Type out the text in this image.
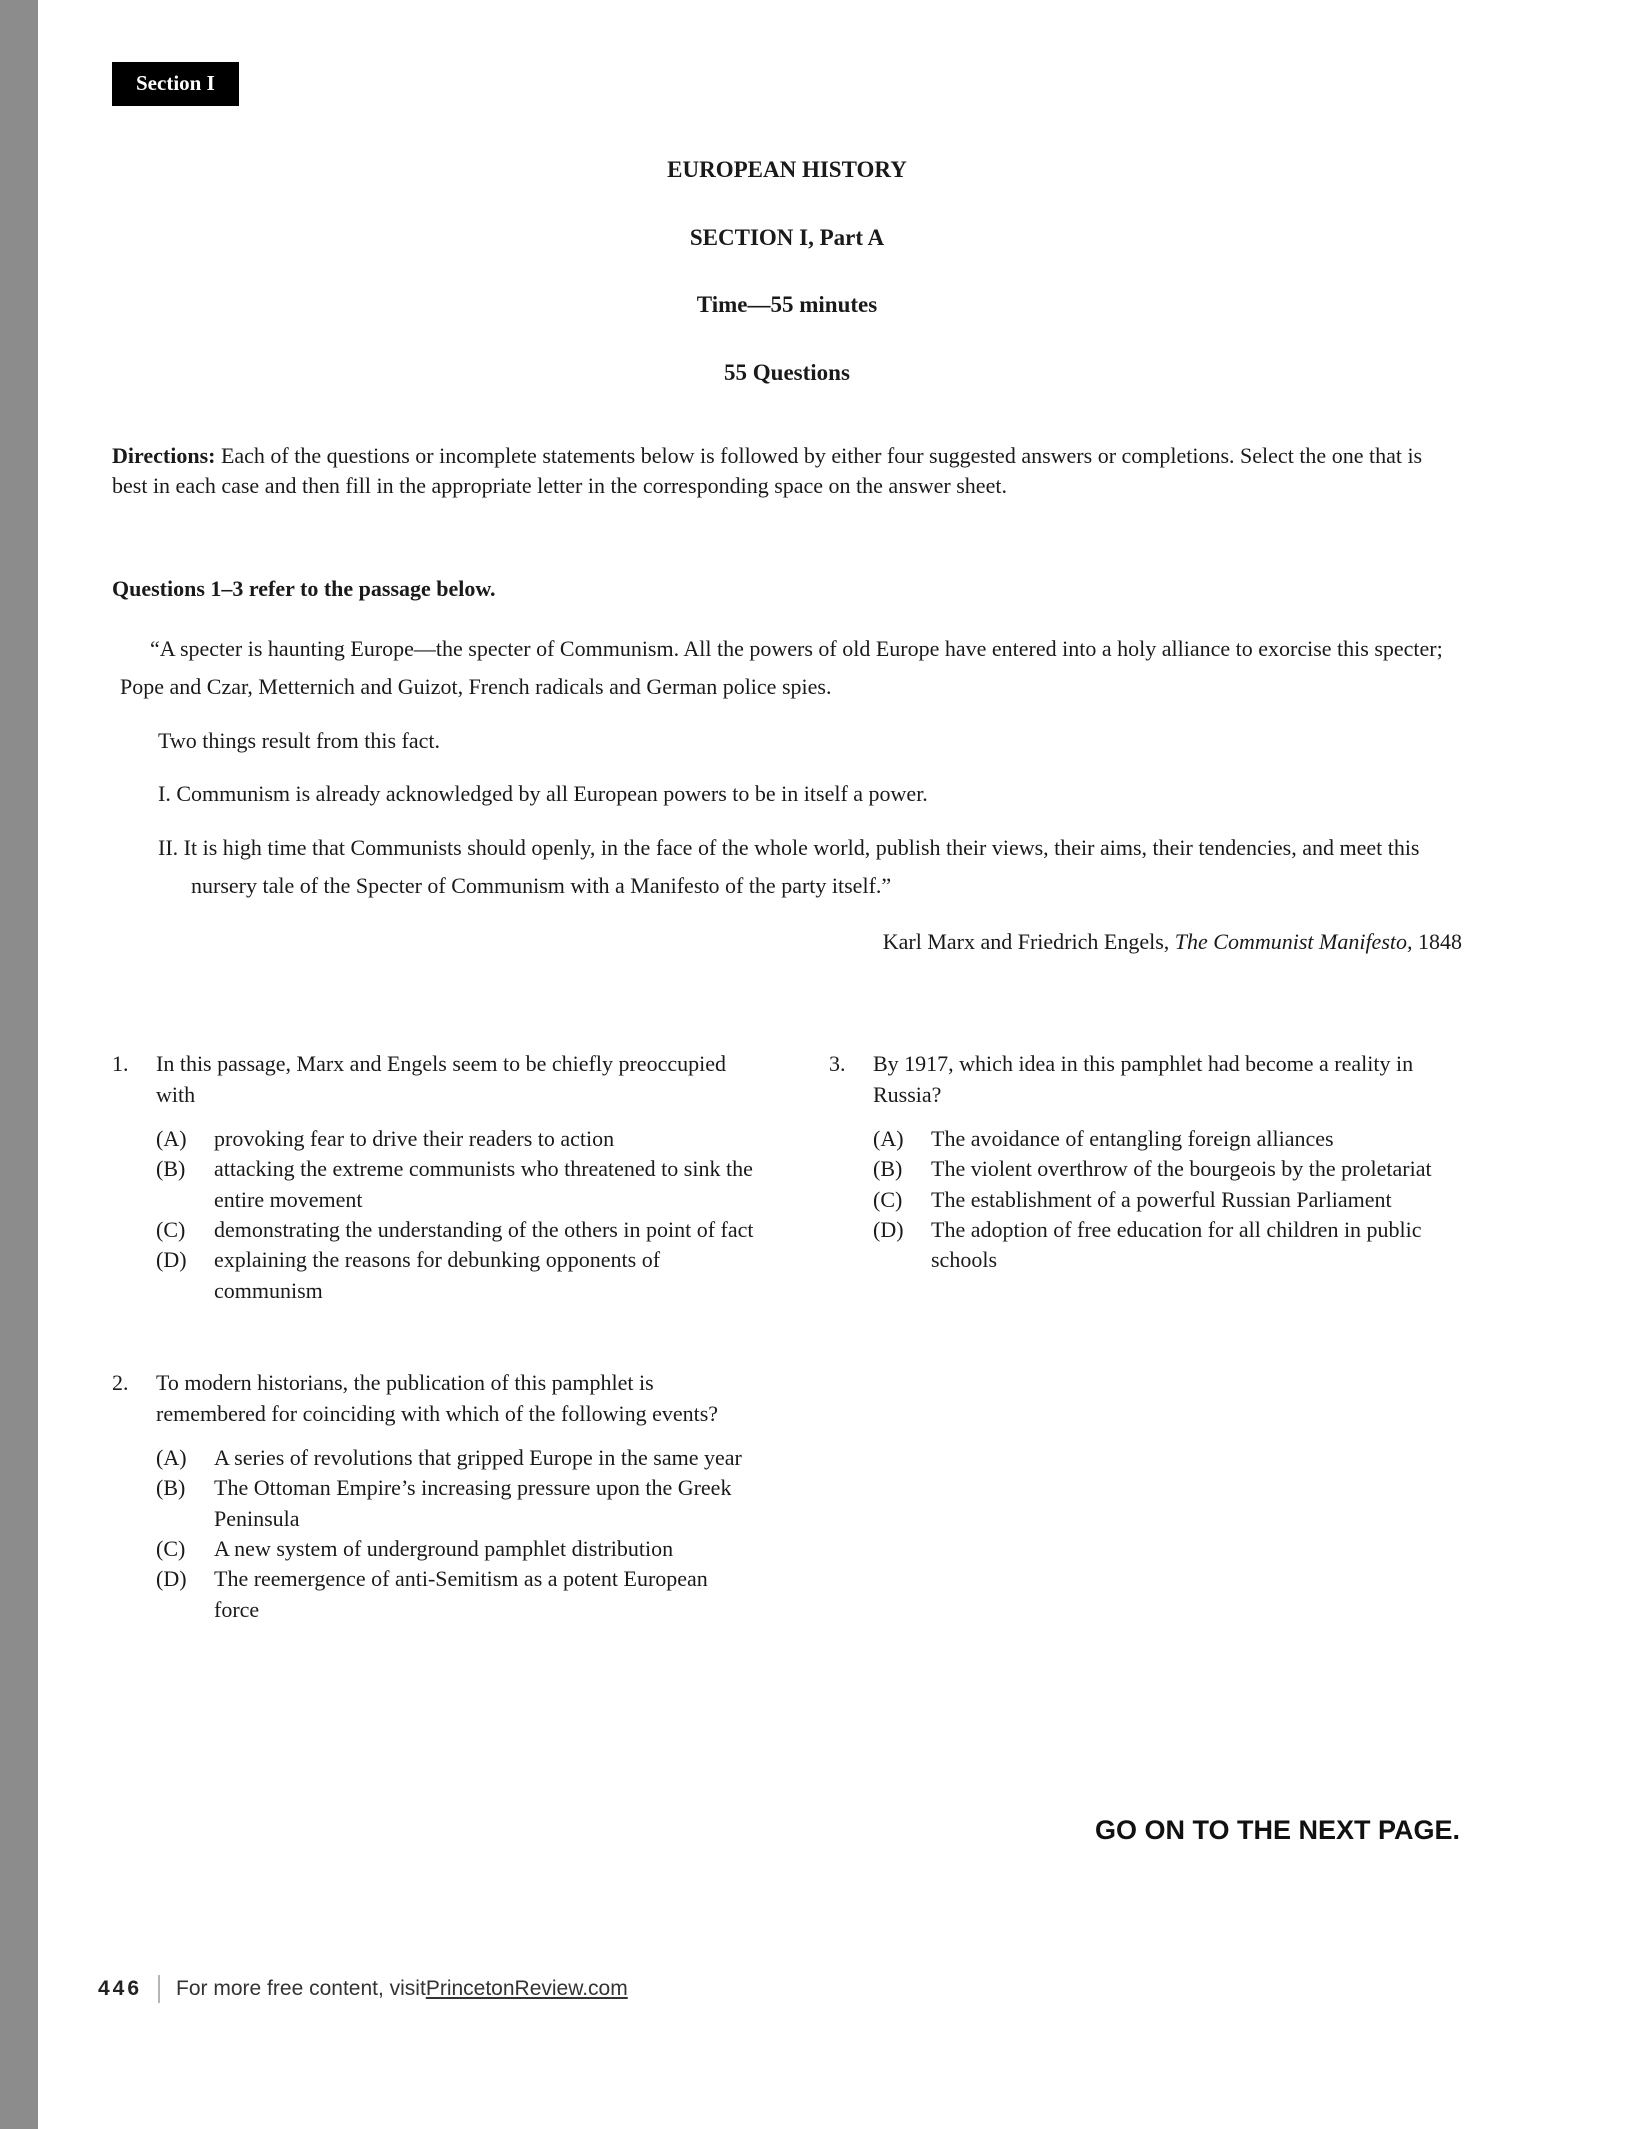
Section I
EUROPEAN HISTORY
SECTION I, Part A
Time—55 minutes
55 Questions
Directions: Each of the questions or incomplete statements below is followed by either four suggested answers or completions. Select the one that is best in each case and then fill in the appropriate letter in the corresponding space on the answer sheet.
Questions 1–3 refer to the passage below.

“A specter is haunting Europe—the specter of Communism. All the powers of old Europe have entered into a holy alliance to exorcise this specter; Pope and Czar, Metternich and Guizot, French radicals and German police spies.

Two things result from this fact.

I. Communism is already acknowledged by all European powers to be in itself a power.

II. It is high time that Communists should openly, in the face of the whole world, publish their views, their aims, their tendencies, and meet this nursery tale of the Specter of Communism with a Manifesto of the party itself.”

Karl Marx and Friedrich Engels, The Communist Manifesto, 1848
1.	In this passage, Marx and Engels seem to be chiefly preoccupied with
(A)	provoking fear to drive their readers to action
(B)	attacking the extreme communists who threatened to sink the entire movement
(C)	demonstrating the understanding of the others in point of fact
(D)	explaining the reasons for debunking opponents of communism
2.	To modern historians, the publication of this pamphlet is remembered for coinciding with which of the following events?
(A)	A series of revolutions that gripped Europe in the same year
(B)	The Ottoman Empire’s increasing pressure upon the Greek Peninsula
(C)	A new system of underground pamphlet distribution
(D)	The reemergence of anti-Semitism as a potent European force
3.	By 1917, which idea in this pamphlet had become a reality in Russia?
(A)	The avoidance of entangling foreign alliances
(B)	The violent overthrow of the bourgeois by the proletariat
(C)	The establishment of a powerful Russian Parliament
(D)	The adoption of free education for all children in public schools
GO ON TO THE NEXT PAGE.
446 For more free content, visit PrincetonReview.com
